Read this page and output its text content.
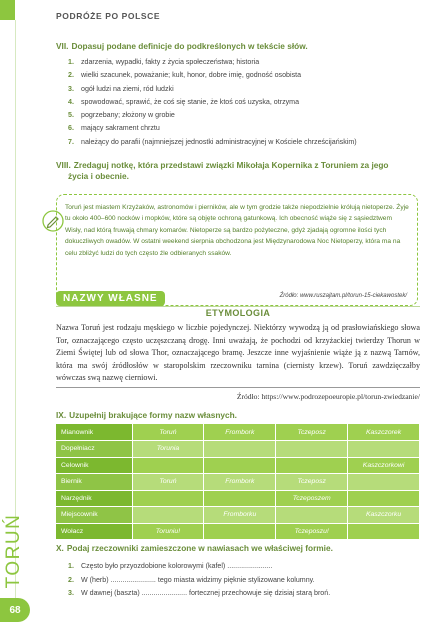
PODRÓŻE PO POLSCE
TORUŃ
68
VII. Dopasuj podane definicje do podkreślonych w tekście słów.
1. zdarzenia, wypadki, fakty z życia społeczeństwa; historia
2. wielki szacunek, poważanie; kult, honor, dobre imię, godność osobista
3. ogół ludzi na ziemi, ród ludzki
4. spowodować, sprawić, że coś się stanie, że ktoś coś uzyska, otrzyma
5. pogrzebany; złożony w grobie
6. mający sakrament chrztu
7. należący do parafii (najmniejszej jednostki administracyjnej w Kościele chrześcijańskim)
VIII. Zredaguj notkę, która przedstawi związki Mikołaja Kopernika z Toruniem za jego
życia i obecnie.

Toruń jest miastem Krzyżaków, astronomów i pierników, ale w tym grodzie także niepodzielnie królują nietoperze. Żyje tu około 400–600 nocków i mopków, które są objęte ochroną gatunkową. Ich obecność wiąże się z sąsiedztwem Wisły, nad którą fruwają chmary komarów. Nietoperze są bardzo pożyteczne, gdyż zjadają ogromne ilości tych dokuczliwych owadów. W ostatni weekend sierpnia obchodzona jest Międzynarodowa Noc Nietoperzy, która ma na celu zbliżyć ludzi do tych często źle odbieranych ssaków.

Źródło: www.ruszajtam.pl/torun-15-ciekawostek/
NAZWY WŁASNE
ETYMOLOGIA
Nazwa Toruń jest rodzaju męskiego w liczbie pojedynczej. Niektórzy wywodzą ją od prasłowiańskiego słowa Tor, oznaczającego często uczęszczaną drogę. Inni uważają, że pochodzi od krzyżackiej twierdzy Thorun w Ziemi Świętej lub od słowa Thor, oznaczającego bramę. Jeszcze inne wyjaśnienie wiąże ją z nazwą Tarnów, która ma swój źródłosłów w staropolskim rzeczowniku tarnina (ciernisty krzew). Toruń zawdzięczałby wówczas swą nazwę cierniowi.
Źródło: https://www.podrozepoeuropie.pl/torun-zwiedzanie/
IX. Uzupełnij brakujące formy nazw własnych.
Mianownik	Toruń	Frombork	Tczeposz	Kaszczorek
Dopełniacz	Torunia			
Celownik				Kaszczorkowi
Biernik	Toruń	Frombork	Tczeposz	
Narzędnik			Tczeposzem	
Miejscownik		Fromborku		Kaszczorku
Wołacz	Toruniu!		Tczeposzu!	
X. Podaj rzeczowniki zamieszczone w nawiasach we właściwej formie.
1. Często było przyozdobione kolorowymi (kafel) .......................
2. W (herb) ....................... tego miasta widzimy pięknie stylizowane kolumny.
3. W dawnej (baszta) ....................... fortecznej przechowuje się dzisiaj starą broń.
